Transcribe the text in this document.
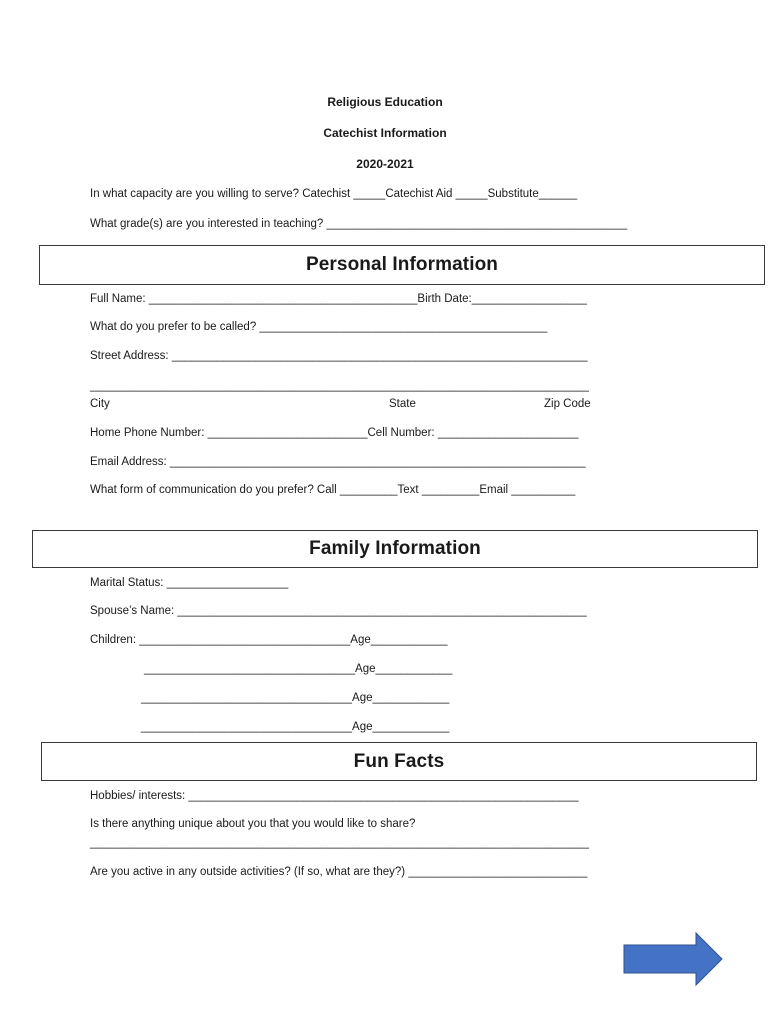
Religious Education
Catechist Information
2020-2021
In what capacity are you willing to serve? Catechist _____Catechist Aid _____Substitute______
What grade(s) are you interested in teaching? _______________________________________________
Personal Information
Full Name: __________________________________________Birth Date:__________________
What do you prefer to be called? _____________________________________________
Street Address: _________________________________________________________________
______________________________________________________________________________
City	State	Zip Code
Home Phone Number: _________________________Cell Number: ______________________
Email Address: _________________________________________________________________
What form of communication do you prefer? Call _________Text _________Email __________
Family Information
Marital Status: ___________________
Spouse’s Name: ________________________________________________________________
Children: _________________________________Age____________
_________________________________Age____________
_________________________________Age____________
_________________________________Age____________
Fun Facts
Hobbies/ interests: _____________________________________________________________
Is there anything unique about you that you would like to share?
______________________________________________________________________________
Are you active in any outside activities? (If so, what are they?) ____________________________
